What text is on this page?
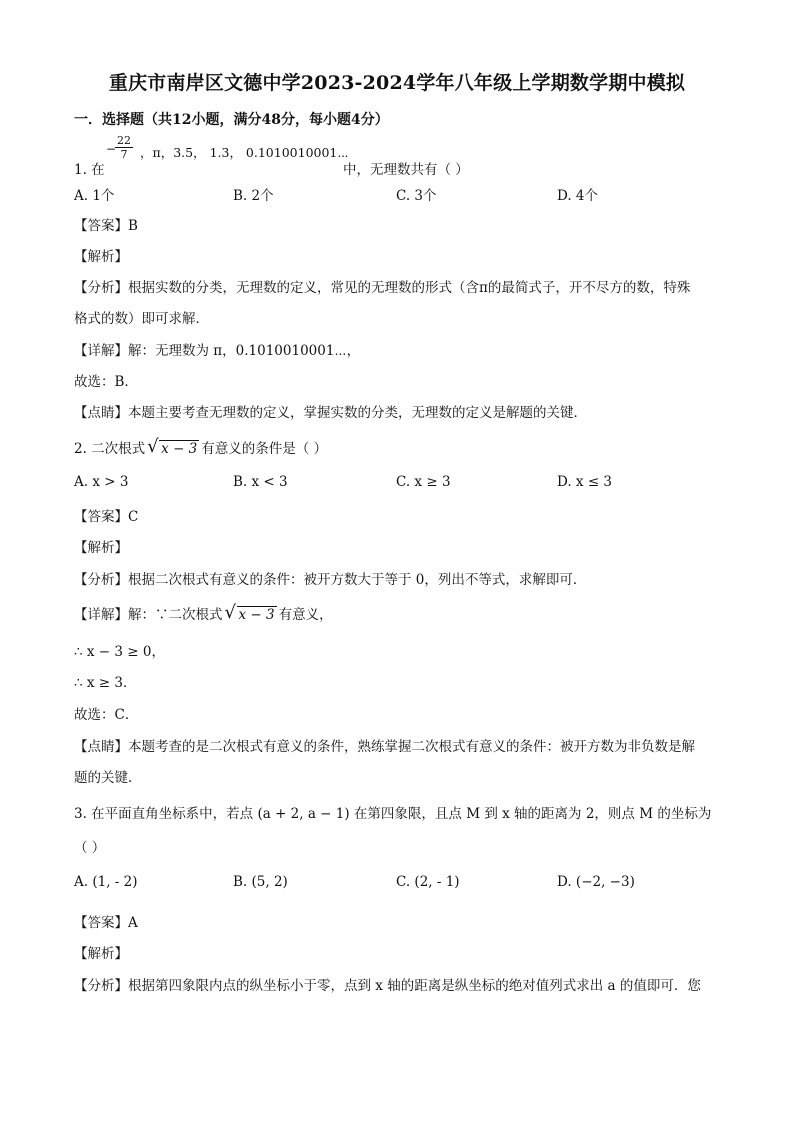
重庆市南岸区文德中学2023-2024学年八年级上学期数学期中模拟
一．选择题（共12小题，满分48分，每小题4分）
−
22
7	，π，3.5， 1.3， 0.1010010001⋯
1. 在	中，无理数共有（ ）
A. 1个	B. 2个	C. 3个	D. 4个
【答案】B
【解析】
【分析】根据实数的分类，无理数的定义，常见的无理数的形式（含π的最简式子，开不尽方的数，特殊
格式的数）即可求解．
【详解】解：无理数为 π，0.1010010001⋯，
故选：B．
【点睛】本题主要考查无理数的定义，掌握实数的分类，无理数的定义是解题的关键．
2. 二次根式 √ x − 3 有意义的条件是（ ）
A. x > 3	B. x < 3	C. x ≥ 3	D. x ≤ 3
【答案】C
【解析】
【分析】根据二次根式有意义的条件：被开方数大于等于 0，列出不等式，求解即可．
【详解】解：∵二次根式 √ x − 3 有意义，
∴ x − 3 ≥ 0，
∴ x ≥ 3．
故选：C．
【点睛】本题考查的是二次根式有意义的条件，熟练掌握二次根式有意义的条件：被开方数为非负数是解
题的关键．
3. 在平面直角坐标系中，若点 (a + 2, a − 1) 在第四象限，且点 M 到 x 轴的距离为 2，则点 M 的坐标为
（ ）
A. (1, - 2)	B. (5, 2)	C. (2, - 1)	D. (−2, −3)
【答案】A
【解析】
【分析】根据第四象限内点的纵坐标小于零，点到 x 轴的距离是纵坐标的绝对值列式求出 a 的值即可．您
